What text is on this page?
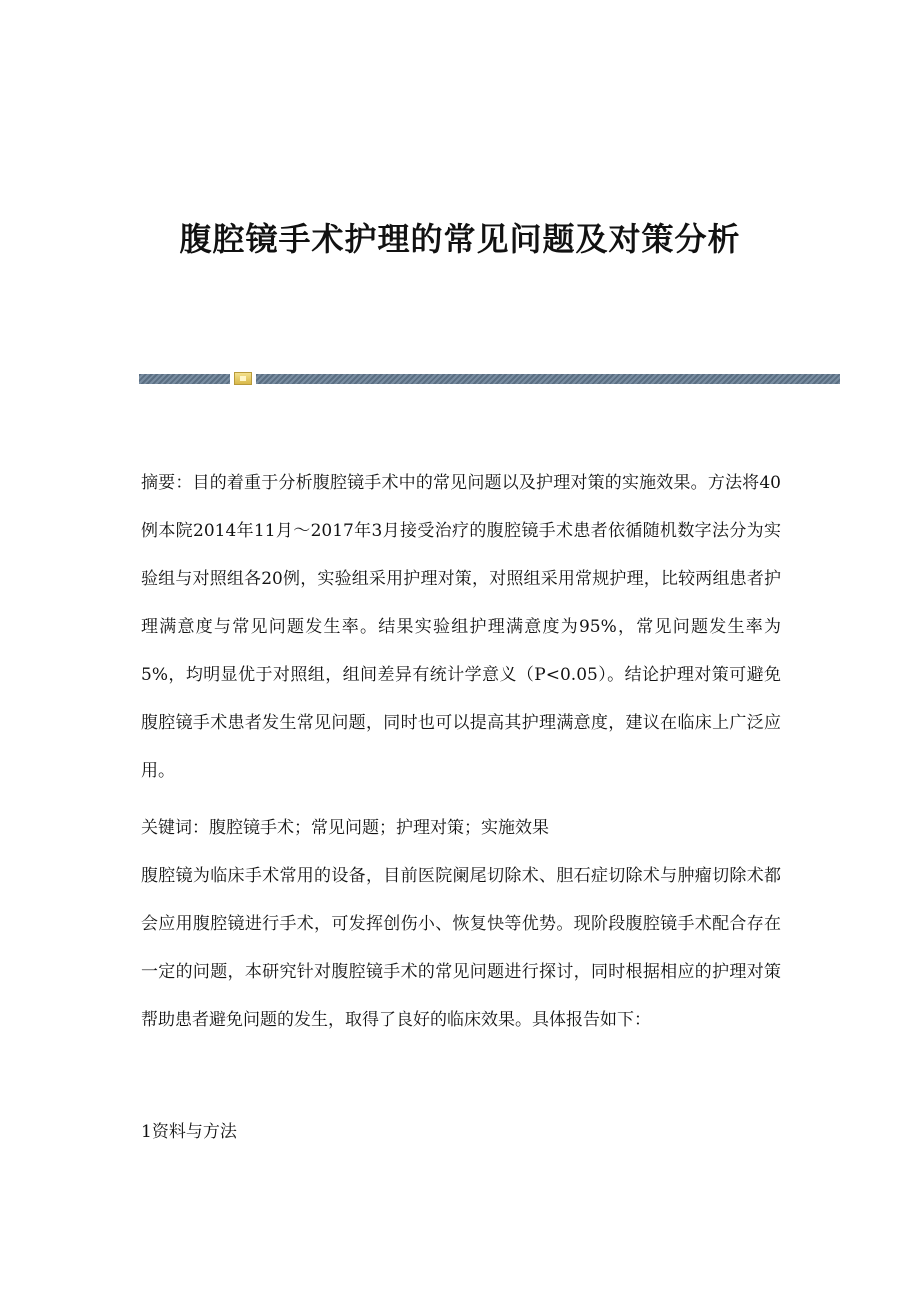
腹腔镜手术护理的常见问题及对策分析

摘要：目的着重于分析腹腔镜手术中的常见问题以及护理对策的实施效果。方法将40例本院2014年11月～2017年3月接受治疗的腹腔镜手术患者依循随机数字法分为实验组与对照组各20例，实验组采用护理对策，对照组采用常规护理，比较两组患者护理满意度与常见问题发生率。结果实验组护理满意度为95%，常见问题发生率为5%，均明显优于对照组，组间差异有统计学意义（P<0.05）。结论护理对策可避免腹腔镜手术患者发生常见问题，同时也可以提高其护理满意度，建议在临床上广泛应用。

关键词：腹腔镜手术；常见问题；护理对策；实施效果

腹腔镜为临床手术常用的设备，目前医院阑尾切除术、胆石症切除术与肿瘤切除术都会应用腹腔镜进行手术，可发挥创伤小、恢复快等优势。现阶段腹腔镜手术配合存在一定的问题，本研究针对腹腔镜手术的常见问题进行探讨，同时根据相应的护理对策帮助患者避免问题的发生，取得了良好的临床效果。具体报告如下：

1资料与方法
